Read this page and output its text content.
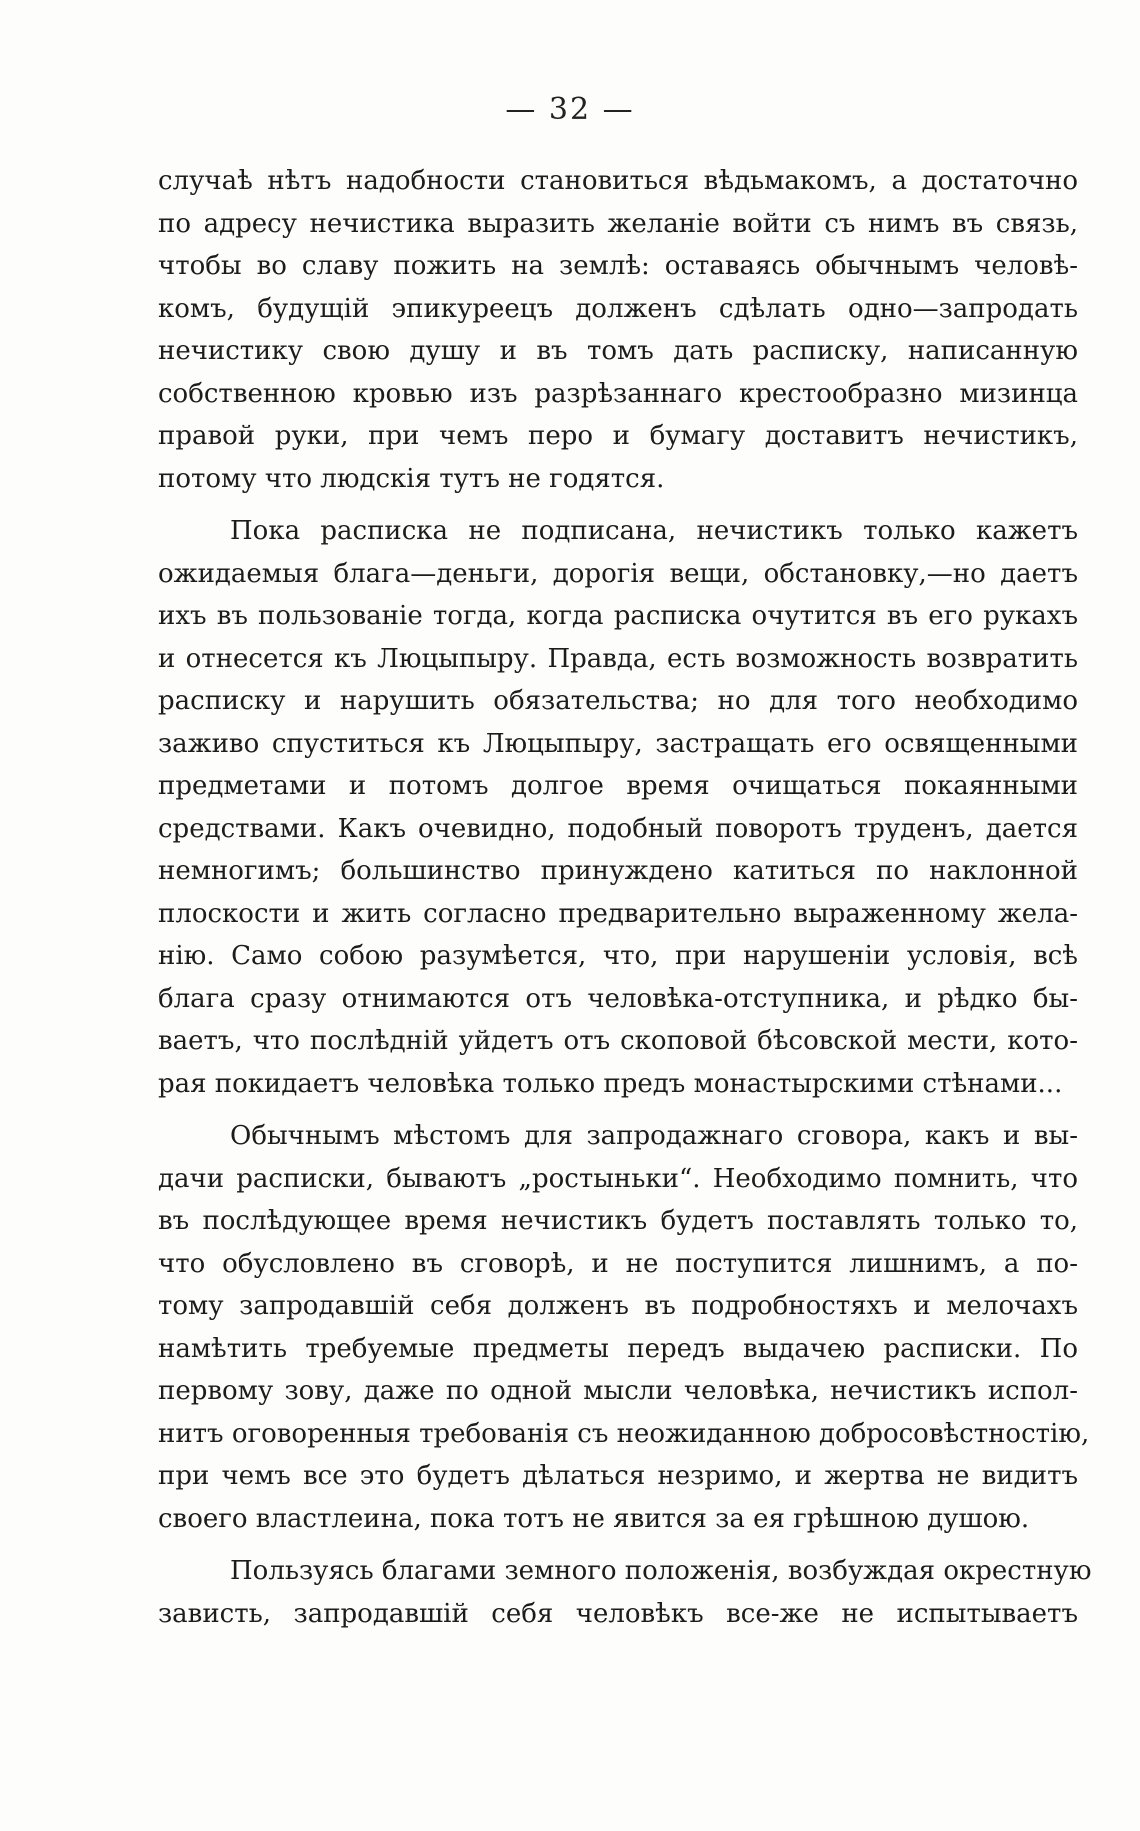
— 32 —
случаѣ нѣтъ надобности становиться вѣдьмакомъ, а достаточно
по адресу нечистика выразить желаніе войти съ нимъ въ связь,
чтобы во славу пожить на землѣ: оставаясь обычнымъ человѣ-
комъ, будущій эпикуреецъ долженъ сдѣлать одно—запродать
нечистику свою душу и въ томъ дать расписку, написанную
собственною кровью изъ разрѣзаннаго крестообразно мизинца
правой руки, при чемъ перо и бумагу доставитъ нечистикъ,
потому что людскія тутъ не годятся.
Пока расписка не подписана, нечистикъ только кажетъ
ожидаемыя блага—деньги, дорогія вещи, обстановку,—но даетъ
ихъ въ пользованіе тогда, когда расписка очутится въ его рукахъ
и отнесется къ Люцыпыру. Правда, есть возможность возвратить
расписку и нарушить обязательства; но для того необходимо
заживо спуститься къ Люцыпыру, застращать его освященными
предметами и потомъ долгое время очищаться покаянными
средствами. Какъ очевидно, подобный поворотъ труденъ, дается
немногимъ; большинство принуждено катиться по наклонной
плоскости и жить согласно предварительно выраженному жела-
нію. Само собою разумѣется, что, при нарушеніи условія, всѣ
блага сразу отнимаются отъ человѣка-отступника, и рѣдко бы-
ваетъ, что послѣдній уйдетъ отъ скоповой бѣсовской мести, кото-
рая покидаетъ человѣка только предъ монастырскими стѣнами...
Обычнымъ мѣстомъ для запродажнаго сговора, какъ и вы-
дачи расписки, бываютъ „ростыньки“. Необходимо помнить, что
въ послѣдующее время нечистикъ будетъ поставлять только то,
что обусловлено въ сговорѣ, и не поступится лишнимъ, а по-
тому запродавшій себя долженъ въ подробностяхъ и мелочахъ
намѣтить требуемые предметы передъ выдачею расписки. По
первому зову, даже по одной мысли человѣка, нечистикъ испол-
нитъ оговоренныя требованія съ неожиданною добросовѣстностію,
при чемъ все это будетъ дѣлаться незримо, и жертва не видитъ
своего властлеина, пока тотъ не явится за ея грѣшною душою.
Пользуясь благами земного положенія, возбуждая окрестную
зависть, запродавшій себя человѣкъ все-же не испытываетъ
